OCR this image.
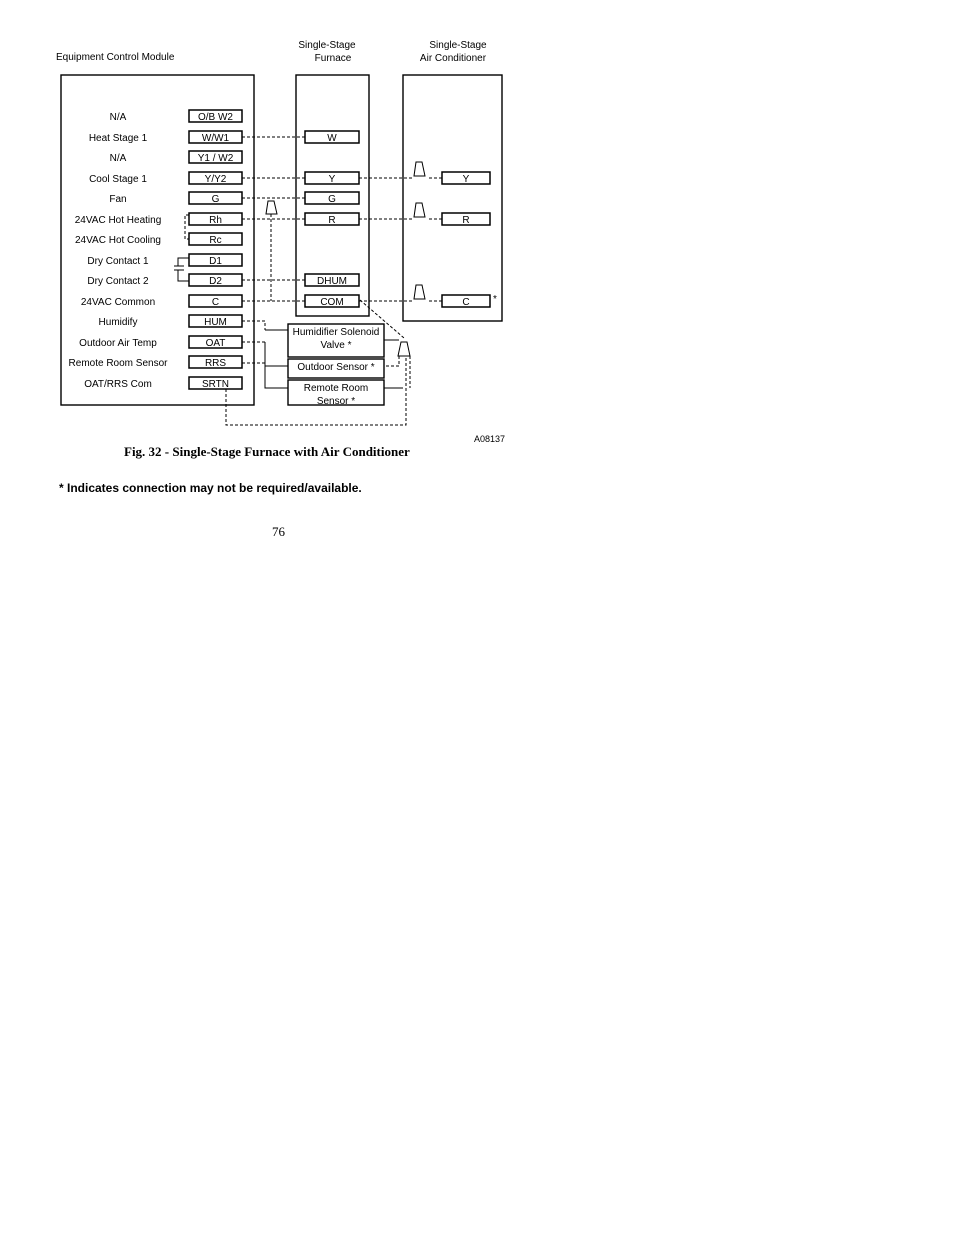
Equipment Control Module
Single-Stage
Furnace
Single-Stage
Air Conditioner
N/A
Heat Stage 1
N/A
Cool Stage 1
Fan
24VAC Hot Heating
24VAC Hot Cooling
Dry Contact 1
Dry Contact 2
24VAC Common
Humidify
Outdoor Air Temp
Remote Room Sensor
OAT/RRS Com
O/B W2
W/W1
Y1 / W2
Y/Y2
G
Rh
Rc
D1
D2
C
HUM
OAT
RRS
SRTN
W
Y
G
R
DHUM
COM
Y
R
C *
Humidifier Solenoid
Valve *
Outdoor Sensor *
Remote Room
Sensor *
A08137
Fig. 32 - Single-Stage Furnace with Air Conditioner
* Indicates connection may not be required/available.
76
